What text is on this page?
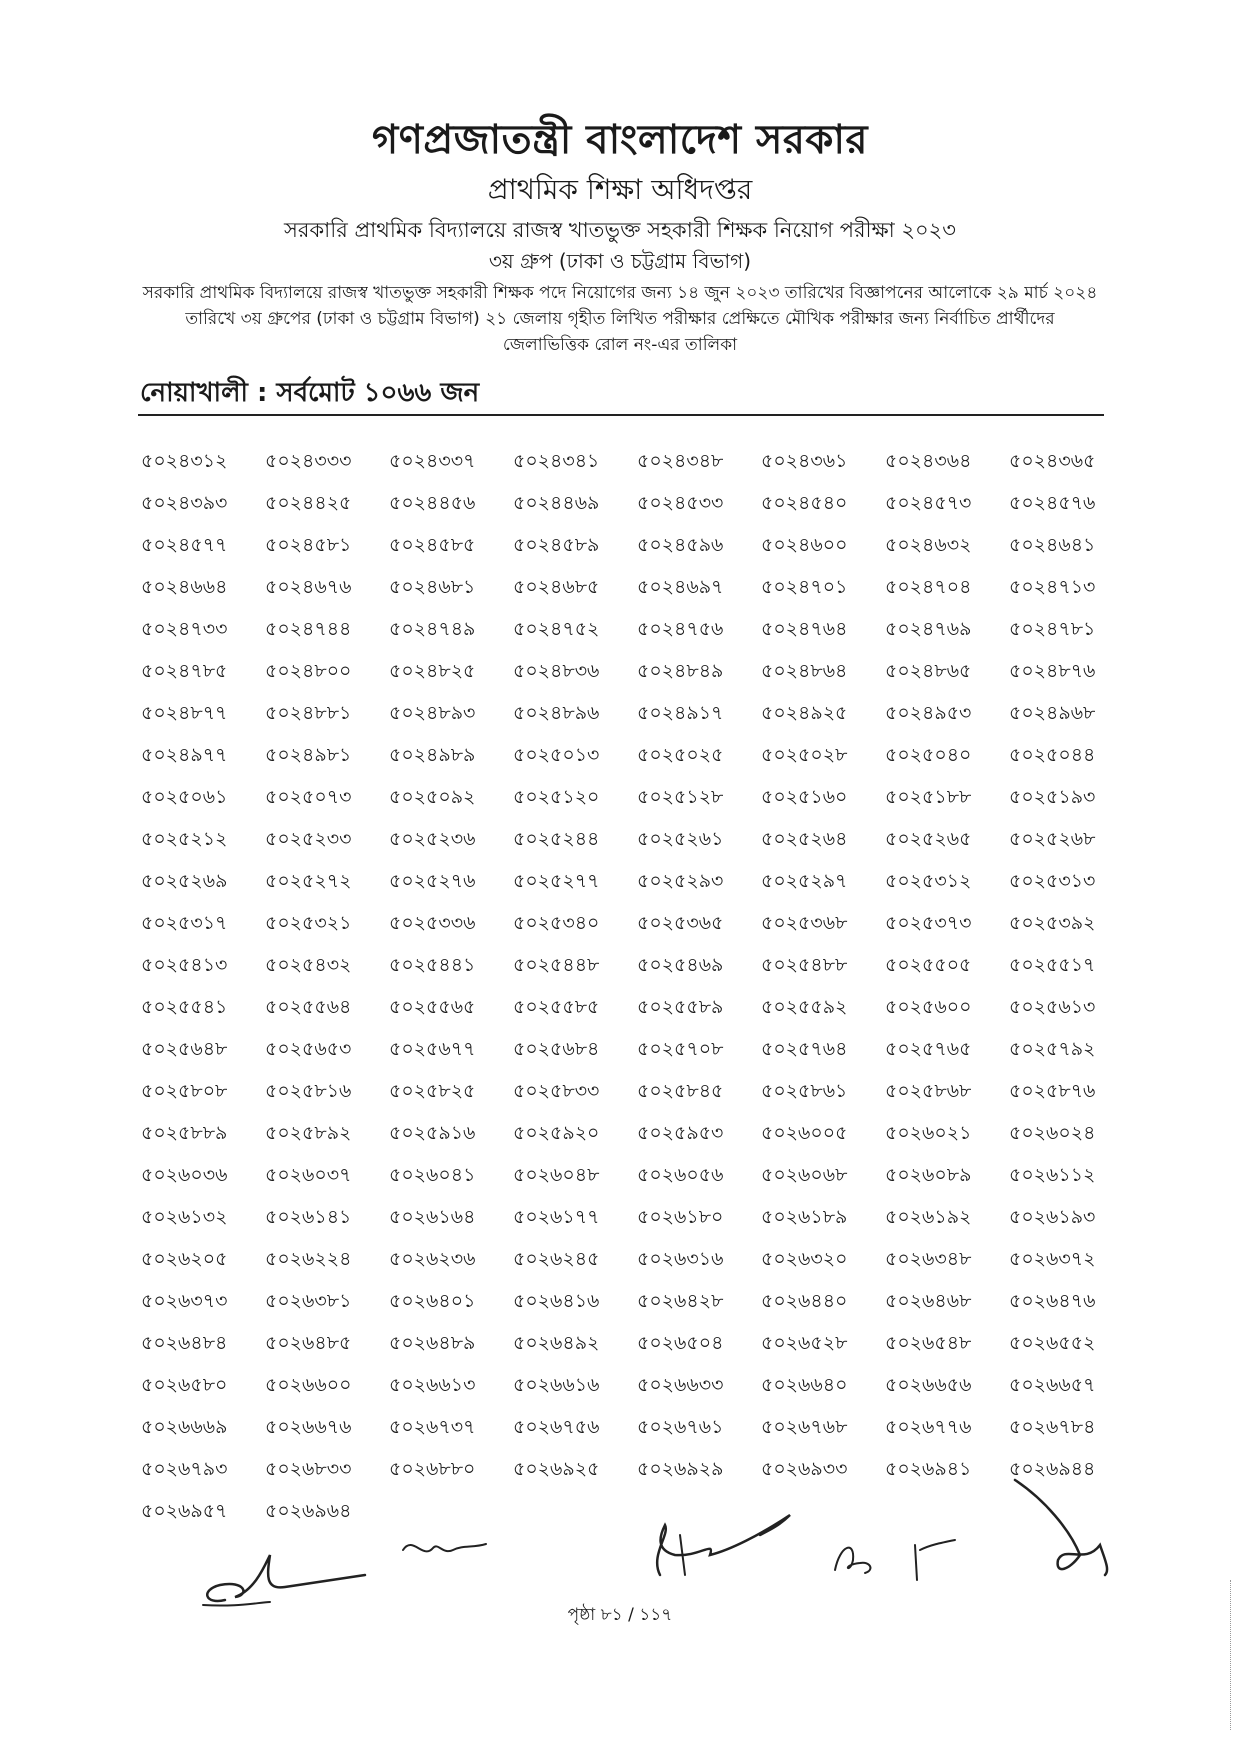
গণপ্রজাতন্ত্রী বাংলাদেশ সরকার
প্রাথমিক শিক্ষা অধিদপ্তর
সরকারি প্রাথমিক বিদ্যালয়ে রাজস্ব খাতভুক্ত সহকারী শিক্ষক নিয়োগ পরীক্ষা ২০২৩
৩য় গ্রুপ (ঢাকা ও চট্টগ্রাম বিভাগ)
সরকারি প্রাথমিক বিদ্যালয়ে রাজস্ব খাতভুক্ত সহকারী শিক্ষক পদে নিয়োগের জন্য ১৪ জুন ২০২৩ তারিখের বিজ্ঞাপনের আলোকে ২৯ মার্চ ২০২৪ তারিখে ৩য় গ্রুপের (ঢাকা ও চট্টগ্রাম বিভাগ) ২১ জেলায় গৃহীত লিখিত পরীক্ষার প্রেক্ষিতে মৌখিক পরীক্ষার জন্য নির্বাচিত প্রার্থীদের জেলাভিত্তিক রোল নং-এর তালিকা
নোয়াখালী : সর্বমোট ১০৬৬ জন
৫০২৪৩১২	৫০২৪৩৩৩	৫০২৪৩৩৭	৫০২৪৩৪১	৫০২৪৩৪৮	৫০২৪৩৬১	৫০২৪৩৬৪	৫০২৪৩৬৫
৫০২৪৩৯৩	৫০২৪৪২৫	৫০২৪৪৫৬	৫০২৪৪৬৯	৫০২৪৫৩৩	৫০২৪৫৪০	৫০২৪৫৭৩	৫০২৪৫৭৬
৫০২৪৫৭৭	৫০২৪৫৮১	৫০২৪৫৮৫	৫০২৪৫৮৯	৫০২৪৫৯৬	৫০২৪৬০০	৫০২৪৬৩২	৫০২৪৬৪১
৫০২৪৬৬৪	৫০২৪৬৭৬	৫০২৪৬৮১	৫০২৪৬৮৫	৫০২৪৬৯৭	৫০২৪৭০১	৫০২৪৭০৪	৫০২৪৭১৩
৫০২৪৭৩৩	৫০২৪৭৪৪	৫০২৪৭৪৯	৫০২৪৭৫২	৫০২৪৭৫৬	৫০২৪৭৬৪	৫০২৪৭৬৯	৫০২৪৭৮১
৫০২৪৭৮৫	৫০২৪৮০০	৫০২৪৮২৫	৫০২৪৮৩৬	৫০২৪৮৪৯	৫০২৪৮৬৪	৫০২৪৮৬৫	৫০২৪৮৭৬
৫০২৪৮৭৭	৫০২৪৮৮১	৫০২৪৮৯৩	৫০২৪৮৯৬	৫০২৪৯১৭	৫০২৪৯২৫	৫০২৪৯৫৩	৫০২৪৯৬৮
৫০২৪৯৭৭	৫০২৪৯৮১	৫০২৪৯৮৯	৫০২৫০১৩	৫০২৫০২৫	৫০২৫০২৮	৫০২৫০৪০	৫০২৫০৪৪
৫০২৫০৬১	৫০২৫০৭৩	৫০২৫০৯২	৫০২৫১২০	৫০২৫১২৮	৫০২৫১৬০	৫০২৫১৮৮	৫০২৫১৯৩
৫০২৫২১২	৫০২৫২৩৩	৫০২৫২৩৬	৫০২৫২৪৪	৫০২৫২৬১	৫০২৫২৬৪	৫০২৫২৬৫	৫০২৫২৬৮
৫০২৫২৬৯	৫০২৫২৭২	৫০২৫২৭৬	৫০২৫২৭৭	৫০২৫২৯৩	৫০২৫২৯৭	৫০২৫৩১২	৫০২৫৩১৩
৫০২৫৩১৭	৫০২৫৩২১	৫০২৫৩৩৬	৫০২৫৩৪০	৫০২৫৩৬৫	৫০২৫৩৬৮	৫০২৫৩৭৩	৫০২৫৩৯২
৫০২৫৪১৩	৫০২৫৪৩২	৫০২৫৪৪১	৫০২৫৪৪৮	৫০২৫৪৬৯	৫০২৫৪৮৮	৫০২৫৫০৫	৫০২৫৫১৭
৫০২৫৫৪১	৫০২৫৫৬৪	৫০২৫৫৬৫	৫০২৫৫৮৫	৫০২৫৫৮৯	৫০২৫৫৯২	৫০২৫৬০০	৫০২৫৬১৩
৫০২৫৬৪৮	৫০২৫৬৫৩	৫০২৫৬৭৭	৫০২৫৬৮৪	৫০২৫৭০৮	৫০২৫৭৬৪	৫০২৫৭৬৫	৫০২৫৭৯২
৫০২৫৮০৮	৫০২৫৮১৬	৫০২৫৮২৫	৫০২৫৮৩৩	৫০২৫৮৪৫	৫০২৫৮৬১	৫০২৫৮৬৮	৫০২৫৮৭৬
৫০২৫৮৮৯	৫০২৫৮৯২	৫০২৫৯১৬	৫০২৫৯২০	৫০২৫৯৫৩	৫০২৬০০৫	৫০২৬০২১	৫০২৬০২৪
৫০২৬০৩৬	৫০২৬০৩৭	৫০২৬০৪১	৫০২৬০৪৮	৫০২৬০৫৬	৫০২৬০৬৮	৫০২৬০৮৯	৫০২৬১১২
৫০২৬১৩২	৫০২৬১৪১	৫০২৬১৬৪	৫০২৬১৭৭	৫০২৬১৮০	৫০২৬১৮৯	৫০২৬১৯২	৫০২৬১৯৩
৫০২৬২০৫	৫০২৬২২৪	৫০২৬২৩৬	৫০২৬২৪৫	৫০২৬৩১৬	৫০২৬৩২০	৫০২৬৩৪৮	৫০২৬৩৭২
৫০২৬৩৭৩	৫০২৬৩৮১	৫০২৬৪০১	৫০২৬৪১৬	৫০২৬৪২৮	৫০২৬৪৪০	৫০২৬৪৬৮	৫০২৬৪৭৬
৫০২৬৪৮৪	৫০২৬৪৮৫	৫০২৬৪৮৯	৫০২৬৪৯২	৫০২৬৫০৪	৫০২৬৫২৮	৫০২৬৫৪৮	৫০২৬৫৫২
৫০২৬৫৮০	৫০২৬৬০০	৫০২৬৬১৩	৫০২৬৬১৬	৫০২৬৬৩৩	৫০২৬৬৪০	৫০২৬৬৫৬	৫০২৬৬৫৭
৫০২৬৬৬৯	৫০২৬৬৭৬	৫০২৬৭৩৭	৫০২৬৭৫৬	৫০২৬৭৬১	৫০২৬৭৬৮	৫০২৬৭৭৬	৫০২৬৭৮৪
৫০২৬৭৯৩	৫০২৬৮৩৩	৫০২৬৮৮০	৫০২৬৯২৫	৫০২৬৯২৯	৫০২৬৯৩৩	৫০২৬৯৪১	৫০২৬৯৪৪
৫০২৬৯৫৭	৫০২৬৯৬৪
পৃষ্ঠা ৮১ / ১১৭
